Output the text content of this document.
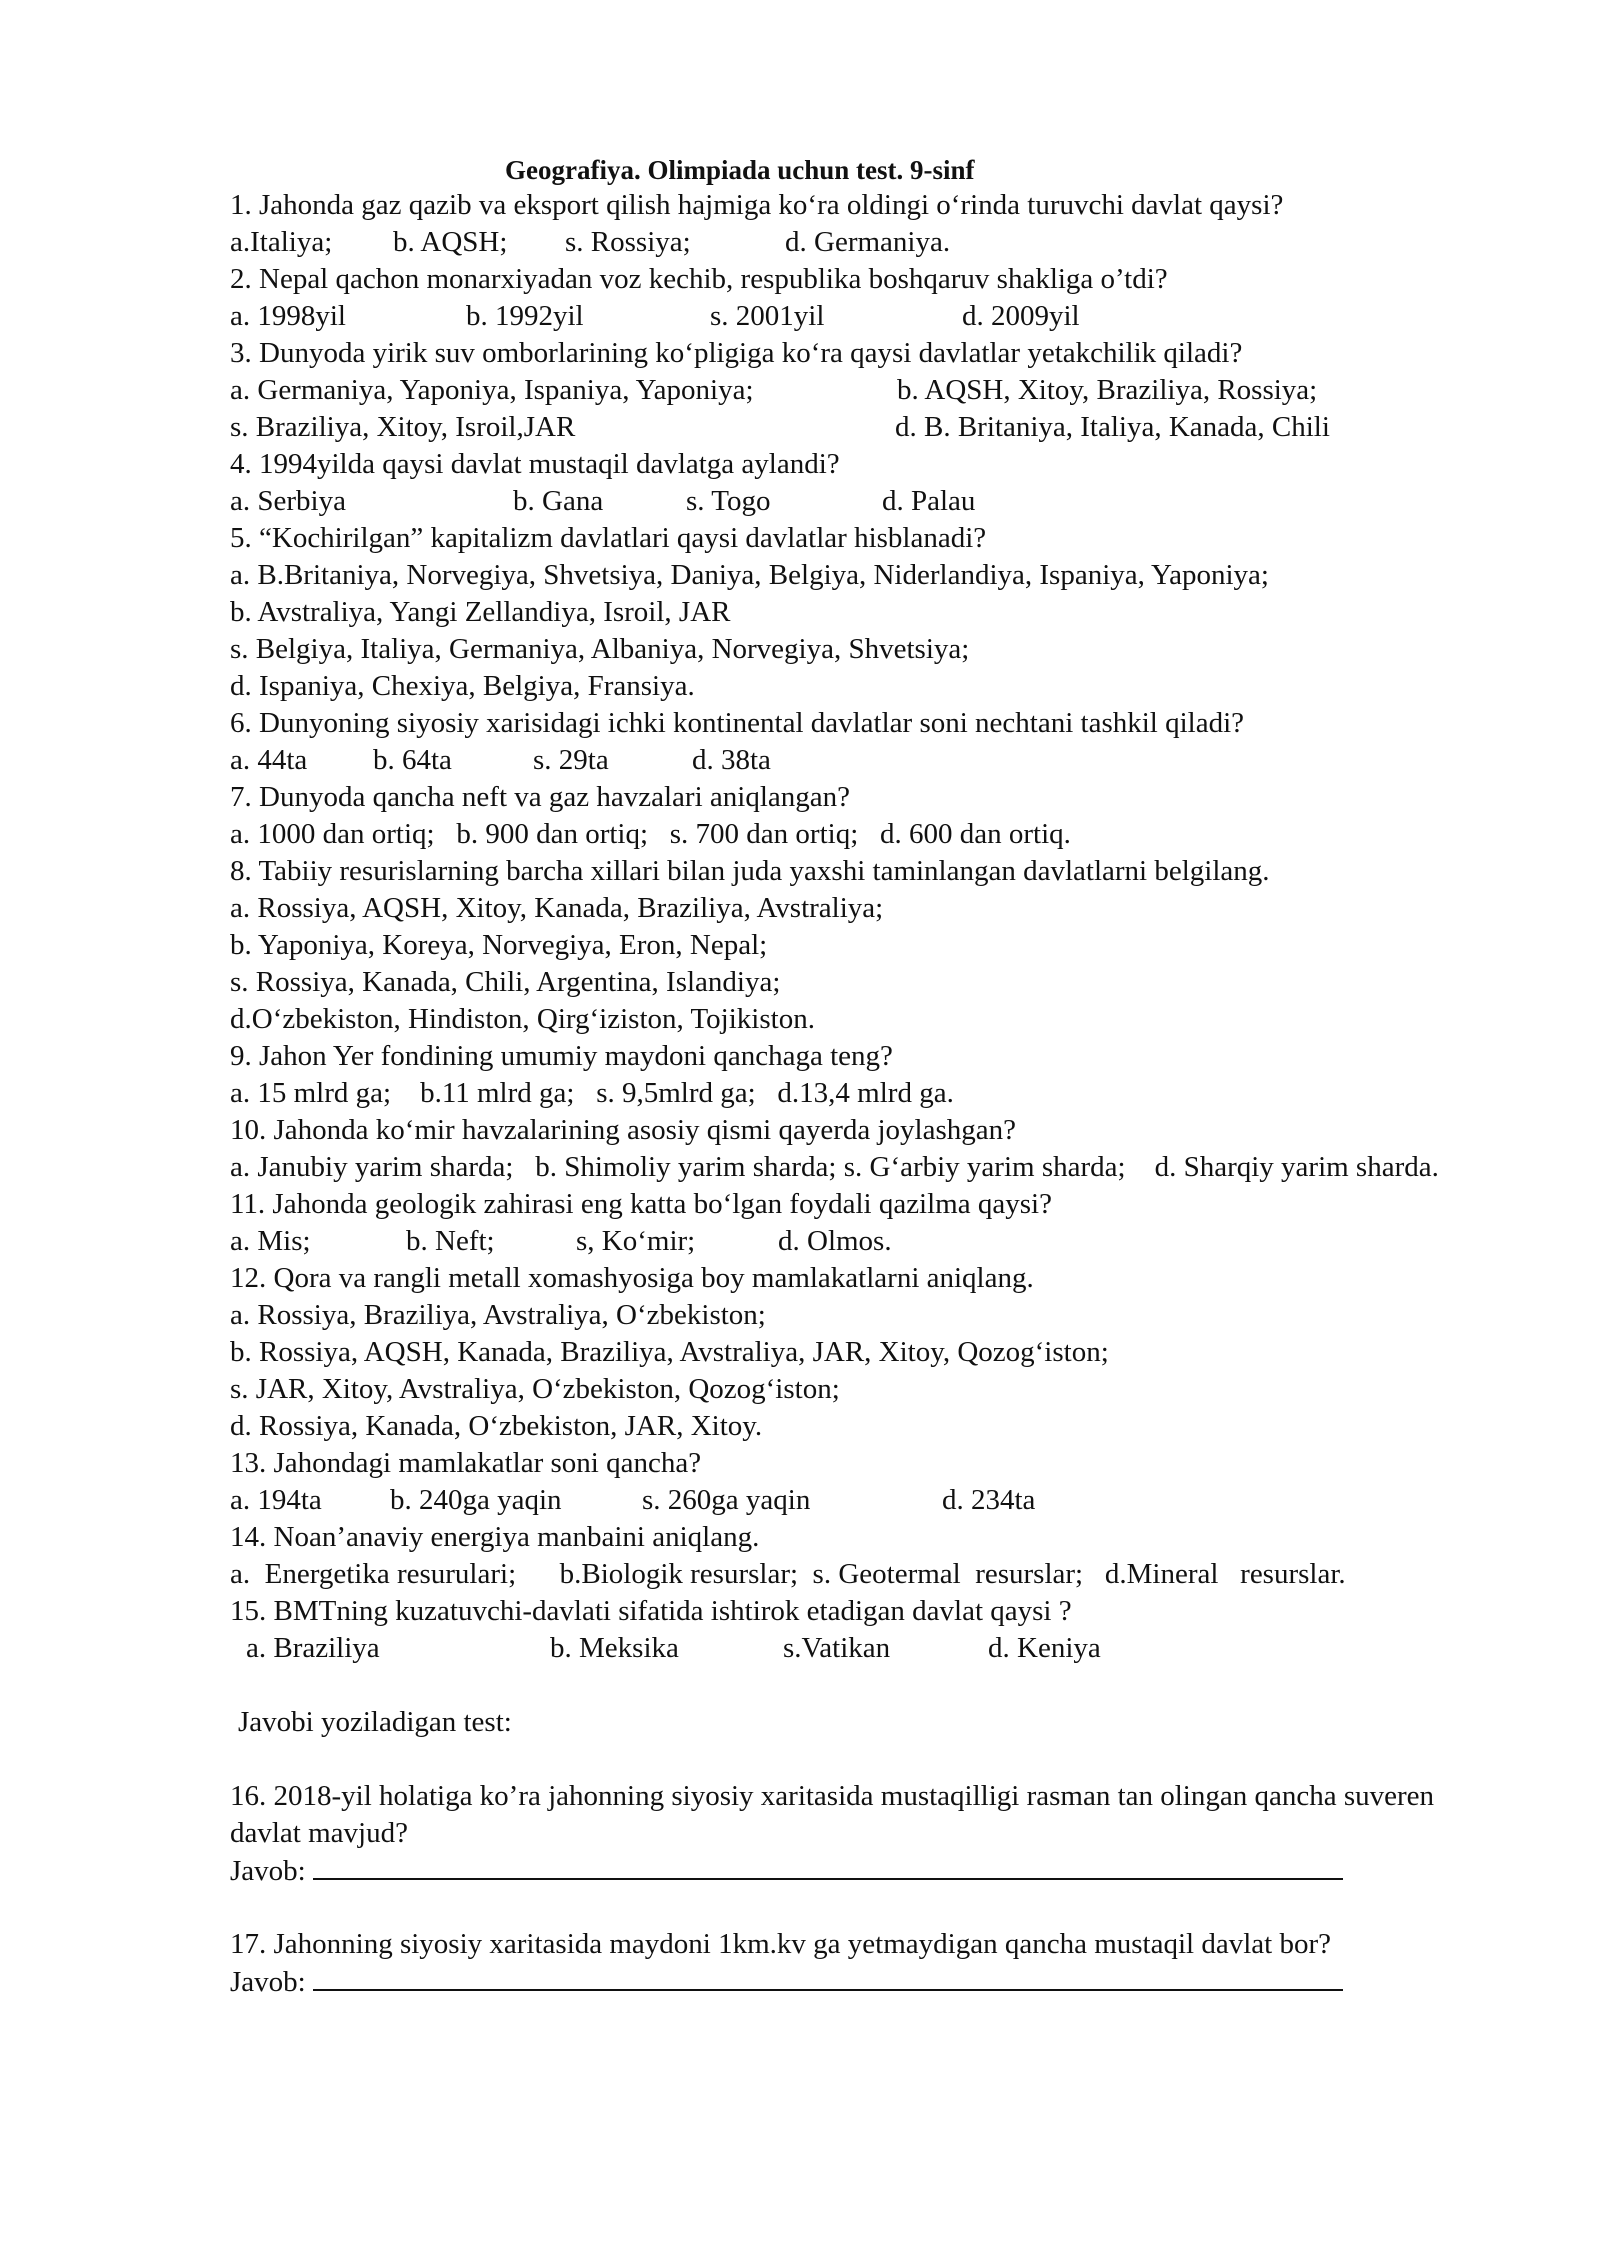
Geografiya. Olimpiada uchun test. 9-sinf
1. Jahonda gaz qazib va eksport qilish hajmiga ko‘ra oldingi o‘rinda turuvchi davlat qaysi?
a.Italiya; b. AQSH; s. Rossiya;	d. Germaniya.
2. Nepal qachon monarxiyadan voz kechib, respublika boshqaruv shakliga o’tdi?
a. 1998yil	b. 1992yil	s. 2001yil	d. 2009yil
3. Dunyoda yirik suv omborlarining ko‘pligiga ko‘ra qaysi davlatlar yetakchilik qiladi?
a. Germaniya, Yaponiya, Ispaniya, Yaponiya;	b. AQSH, Xitoy, Braziliya, Rossiya;
s. Braziliya, Xitoy, Isroil,JAR	d. B. Britaniya, Italiya, Kanada, Chili
4. 1994yilda qaysi davlat mustaqil davlatga aylandi?
a. Serbiya	b. Gana	s. Togo	d. Palau
5. “Kochirilgan” kapitalizm davlatlari qaysi davlatlar hisblanadi?
a. B.Britaniya, Norvegiya, Shvetsiya, Daniya, Belgiya, Niderlandiya, Ispaniya, Yaponiya;
b. Avstraliya, Yangi Zellandiya, Isroil, JAR
s. Belgiya, Italiya, Germaniya, Albaniya, Norvegiya, Shvetsiya;
d. Ispaniya, Chexiya, Belgiya, Fransiya.
6. Dunyoning siyosiy xarisidagi ichki kontinental davlatlar soni nechtani tashkil qiladi?
a. 44ta b. 64ta	s. 29ta	d. 38ta
7. Dunyoda qancha neft va gaz havzalari aniqlangan?
a. 1000 dan ortiq;   b. 900 dan ortiq;   s. 700 dan ortiq;   d. 600 dan ortiq.
8. Tabiiy resurislarning barcha xillari bilan juda yaxshi taminlangan davlatlarni belgilang.
a. Rossiya, AQSH, Xitoy, Kanada, Braziliya, Avstraliya;
b. Yaponiya, Koreya, Norvegiya, Eron, Nepal;
s. Rossiya, Kanada, Chili, Argentina, Islandiya;
d.O‘zbekiston, Hindiston, Qirg‘iziston, Tojikiston.
9. Jahon Yer fondining umumiy maydoni qanchaga teng?
a. 15 mlrd ga;    b.11 mlrd ga;   s. 9,5mlrd ga;   d.13,4 mlrd ga.
10. Jahonda ko‘mir havzalarining asosiy qismi qayerda joylashgan?
a. Janubiy yarim sharda;   b. Shimoliy yarim sharda; s. G‘arbiy yarim sharda;    d. Sharqiy yarim sharda.
11. Jahonda geologik zahirasi eng katta bo‘lgan foydali qazilma qaysi?
a. Mis;	b. Neft;	s, Ko‘mir;	d. Olmos.
12. Qora va rangli metall xomashyosiga boy mamlakatlarni aniqlang.
a. Rossiya, Braziliya, Avstraliya, O‘zbekiston;
b. Rossiya, AQSH, Kanada, Braziliya, Avstraliya, JAR, Xitoy, Qozog‘iston;
s. JAR, Xitoy, Avstraliya, O‘zbekiston, Qozog‘iston;
d. Rossiya, Kanada, O‘zbekiston, JAR, Xitoy.
13. Jahondagi mamlakatlar soni qancha?
a. 194ta b. 240ga yaqin	s. 260ga yaqin	d. 234ta
14. Noan’anaviy energiya manbaini aniqlang.
a.  Energetika resurulari;      b.Biologik resurslar;  s. Geotermal  resurslar;   d.Mineral   resurslar.
15. BMTning kuzatuvchi-davlati sifatida ishtirok etadigan davlat qaysi ?
a. Braziliya	b. Meksika	s.Vatikan	d. Keniya
Javobi yoziladigan test:
16. 2018-yil holatiga ko’ra jahonning siyosiy xaritasida mustaqilligi rasman tan olingan qancha suveren davlat mavjud?
Javob:
17. Jahonning siyosiy xaritasida maydoni 1km.kv ga yetmaydigan qancha mustaqil davlat bor?
Javob:
